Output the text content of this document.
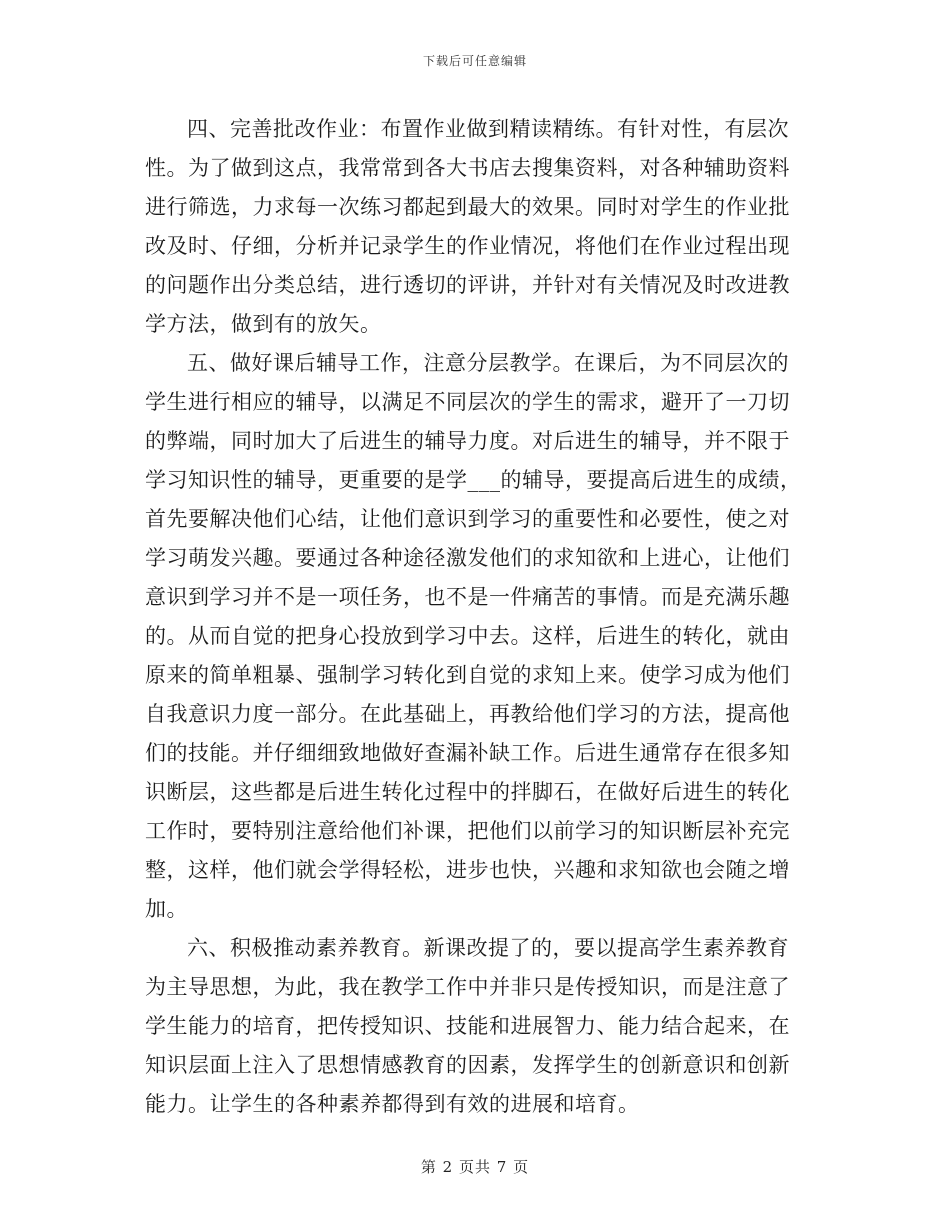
下载后可任意编辑
四、完善批改作业：布置作业做到精读精练。有针对性，有层次
性。为了做到这点，我常常到各大书店去搜集资料，对各种辅助资料
进行筛选，力求每一次练习都起到最大的效果。同时对学生的作业批
改及时、仔细，分析并记录学生的作业情况，将他们在作业过程出现
的问题作出分类总结，进行透切的评讲，并针对有关情况及时改进教
学方法，做到有的放矢。
五、做好课后辅导工作，注意分层教学。在课后，为不同层次的
学生进行相应的辅导，以满足不同层次的学生的需求，避开了一刀切
的弊端，同时加大了后进生的辅导力度。对后进生的辅导，并不限于
学习知识性的辅导，更重要的是学___的辅导，要提高后进生的成绩，
首先要解决他们心结，让他们意识到学习的重要性和必要性，使之对
学习萌发兴趣。要通过各种途径激发他们的求知欲和上进心，让他们
意识到学习并不是一项任务，也不是一件痛苦的事情。而是充满乐趣
的。从而自觉的把身心投放到学习中去。这样，后进生的转化，就由
原来的简单粗暴、强制学习转化到自觉的求知上来。使学习成为他们
自我意识力度一部分。在此基础上，再教给他们学习的方法，提高他
们的技能。并仔细细致地做好查漏补缺工作。后进生通常存在很多知
识断层，这些都是后进生转化过程中的拌脚石，在做好后进生的转化
工作时，要特别注意给他们补课，把他们以前学习的知识断层补充完
整，这样，他们就会学得轻松，进步也快，兴趣和求知欲也会随之增
加。
六、积极推动素养教育。新课改提了的，要以提高学生素养教育
为主导思想，为此，我在教学工作中并非只是传授知识，而是注意了
学生能力的培育，把传授知识、技能和进展智力、能力结合起来，在
知识层面上注入了思想情感教育的因素，发挥学生的创新意识和创新
能力。让学生的各种素养都得到有效的进展和培育。
第 2 页共 7 页
